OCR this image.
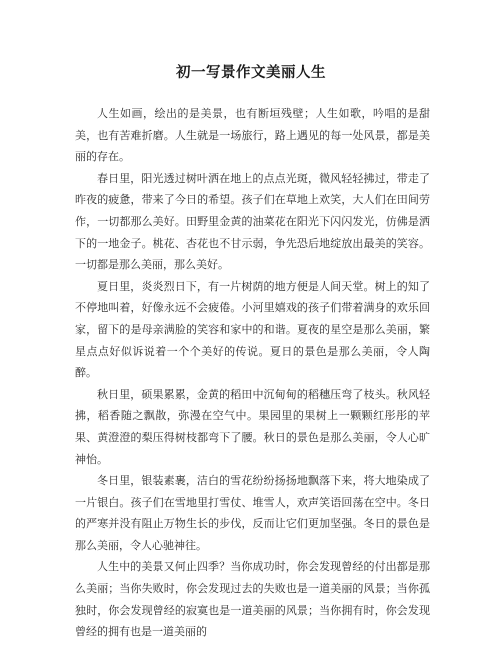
初一写景作文美丽人生

人生如画，绘出的是美景，也有断垣残壁；人生如歌，吟唱的是甜美，也有苦难折磨。人生就是一场旅行，路上遇见的每一处风景，都是美丽的存在。

春日里，阳光透过树叶洒在地上的点点光斑，微风轻轻拂过，带走了昨夜的疲惫，带来了今日的希望。孩子们在草地上欢笑，大人们在田间劳作，一切都那么美好。田野里金黄的油菜花在阳光下闪闪发光，仿佛是洒下的一地金子。桃花、杏花也不甘示弱，争先恐后地绽放出最美的笑容。一切都是那么美丽，那么美好。

夏日里，炎炎烈日下，有一片树荫的地方便是人间天堂。树上的知了不停地叫着，好像永远不会疲倦。小河里嬉戏的孩子们带着满身的欢乐回家，留下的是母亲满脸的笑容和家中的和谐。夏夜的星空是那么美丽，繁星点点好似诉说着一个个美好的传说。夏日的景色是那么美丽，令人陶醉。

秋日里，硕果累累，金黄的稻田中沉甸甸的稻穗压弯了枝头。秋风轻拂，稻香随之飘散，弥漫在空气中。果园里的果树上一颗颗红彤彤的苹果、黄澄澄的梨压得树枝都弯下了腰。秋日的景色是那么美丽，令人心旷神怡。

冬日里，银装素裹，洁白的雪花纷纷扬扬地飘落下来，将大地染成了一片银白。孩子们在雪地里打雪仗、堆雪人，欢声笑语回荡在空中。冬日的严寒并没有阻止万物生长的步伐，反而让它们更加坚强。冬日的景色是那么美丽，令人心驰神往。

人生中的美景又何止四季？当你成功时，你会发现曾经的付出都是那么美丽；当你失败时，你会发现过去的失败也是一道美丽的风景；当你孤独时，你会发现曾经的寂寞也是一道美丽的风景；当你拥有时，你会发现曾经的拥有也是一道美丽的
